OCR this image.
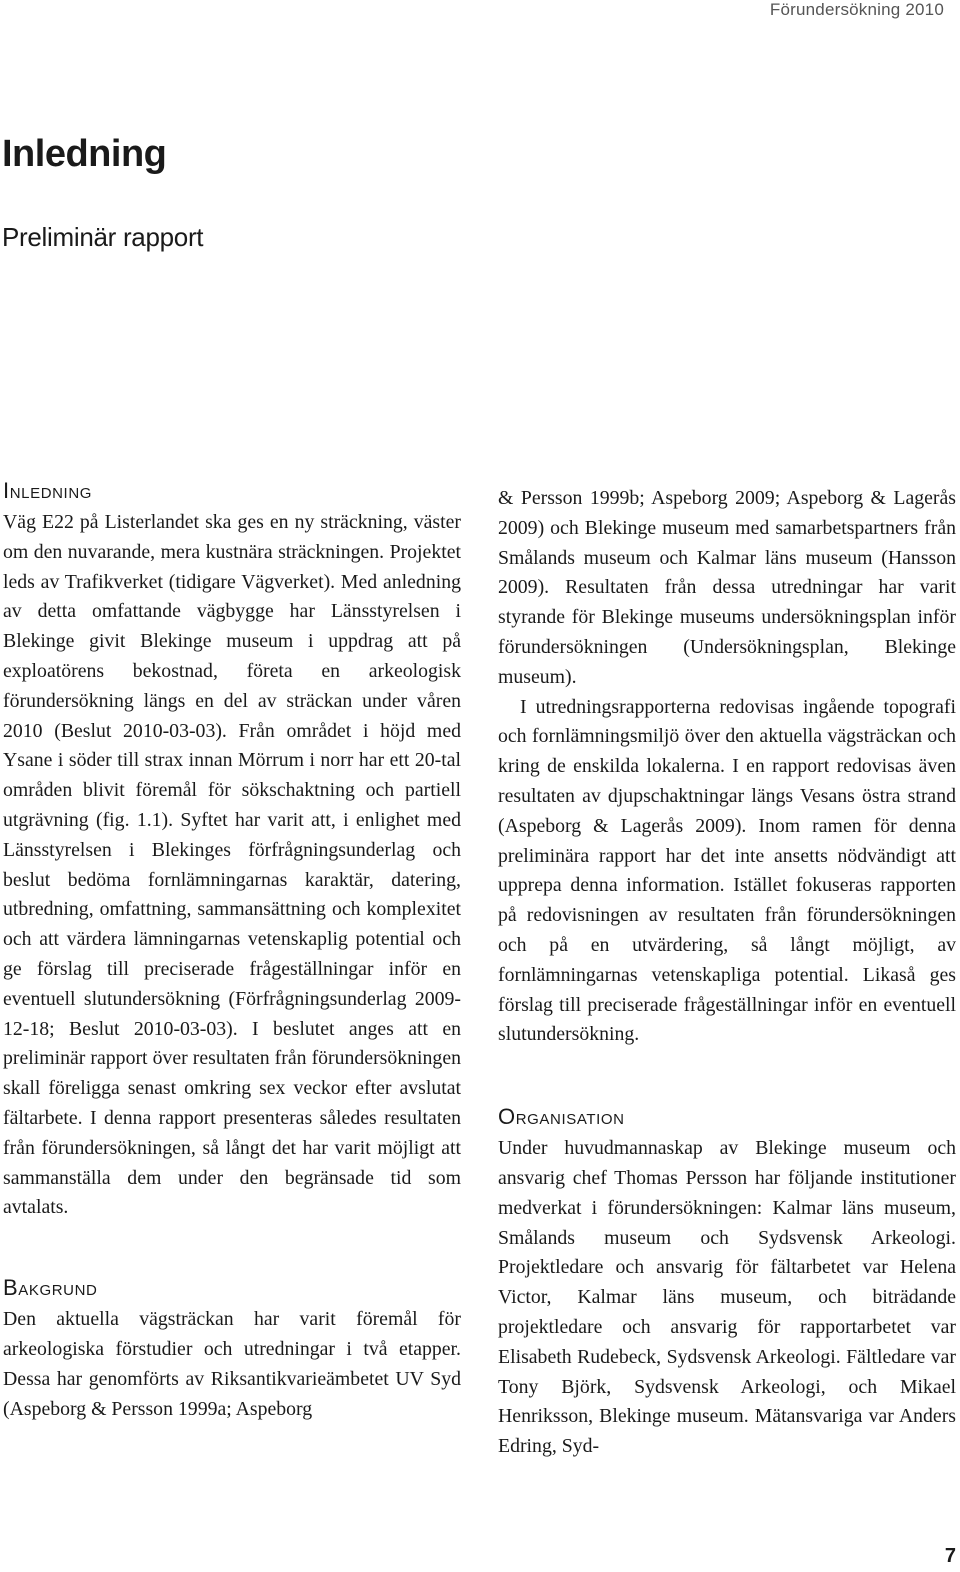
Förundersökning 2010
Inledning
Preliminär rapport
Inledning

Väg E22 på Listerlandet ska ges en ny sträckning, väster om den nuvarande, mera kustnära sträckningen. Projektet leds av Trafikverket (tidigare Vägverket). Med anledning av detta omfattande vägbygge har Länsstyrelsen i Blekinge givit Blekinge museum i uppdrag att på exploatörens bekostnad, företa en arkeologisk förundersökning längs en del av sträckan under våren 2010 (Beslut 2010-03-03). Från området i höjd med Ysane i söder till strax innan Mörrum i norr har ett 20-tal områden blivit föremål för sökschaktning och partiell utgrävning (fig. 1.1). Syftet har varit att, i enlighet med Länsstyrelsen i Blekinges förfrågningsunderlag och beslut bedöma fornlämningarnas karaktär, datering, utbredning, omfattning, sammansättning och komplexitet och att värdera lämningarnas vetenskaplig potential och ge förslag till preciserade frågeställningar inför en eventuell slutundersökning (Förfrågningsunderlag 2009-12-18; Beslut 2010-03-03). I beslutet anges att en preliminär rapport över resultaten från förundersökningen skall föreligga senast omkring sex veckor efter avslutat fältarbete. I denna rapport presenteras således resultaten från förundersökningen, så långt det har varit möjligt att sammanställa dem under den begränsade tid som avtalats.

Bakgrund

Den aktuella vägsträckan har varit föremål för arkeologiska förstudier och utredningar i två etapper. Dessa har genomförts av Riksantikvarieämbetet UV Syd (Aspeborg & Persson 1999a; Aspeborg

& Persson 1999b; Aspeborg 2009; Aspeborg & Lagerås 2009) och Blekinge museum med samarbetspartners från Smålands museum och Kalmar läns museum (Hansson 2009). Resultaten från dessa utredningar har varit styrande för Blekinge museums undersökningsplan inför förundersökningen (Undersökningsplan, Blekinge museum).

I utredningsrapporterna redovisas ingående topografi och fornlämningsmiljö över den aktuella vägsträckan och kring de enskilda lokalerna. I en rapport redovisas även resultaten av djupschaktningar längs Vesans östra strand (Aspeborg & Lagerås 2009). Inom ramen för denna preliminära rapport har det inte ansetts nödvändigt att upprepa denna information. Istället fokuseras rapporten på redovisningen av resultaten från förundersökningen och på en utvärdering, så långt möjligt, av fornlämningarnas vetenskapliga potential. Likaså ges förslag till preciserade frågeställningar inför en eventuell slutundersökning.

Organisation

Under huvudmannaskap av Blekinge museum och ansvarig chef Thomas Persson har följande institutioner medverkat i förundersökningen: Kalmar läns museum, Smålands museum och Sydsvensk Arkeologi. Projektledare och ansvarig för fältarbetet var Helena Victor, Kalmar läns museum, och biträdande projektledare och ansvarig för rapportarbetet var Elisabeth Rudebeck, Sydsvensk Arkeologi. Fältledare var Tony Björk, Sydsvensk Arkeologi, och Mikael Henriksson, Blekinge museum. Mätansvariga var Anders Edring, Syd-

7
